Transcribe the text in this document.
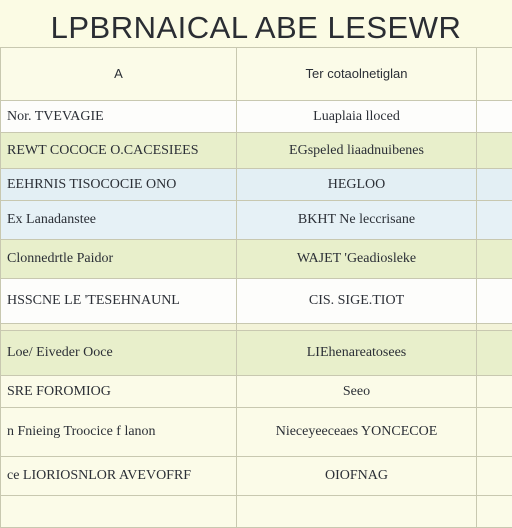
LPBRNAICAL ABE LESEWR
A	Ter cotaolnetiglan	
Nor. TVEVAGIE	Luaplaia lloced	
REWT COCOCE O.CACESIEES	EGspeled liaadnuibenes	
EEHRNIS TISOCOCIE ONO	HEGLOO	
Ex Lanadanstee	BKHT Ne leccrisane	
Clonnedrtle Paidor	WAJET 'Geadiosleke	
HSSCNE LE 'TESEHNAUNL	CIS. SIGE.TIOT	

Loe/ Eiveder Ooce	LIEhenareatosees	
SRE FOROMIOG	Seeo	
n Fnieing Troocice f lanon	Nieceyeeceaes YONCECOE	
ce LIORIOSNLOR AVEVOFRF	OIOFNAG	
